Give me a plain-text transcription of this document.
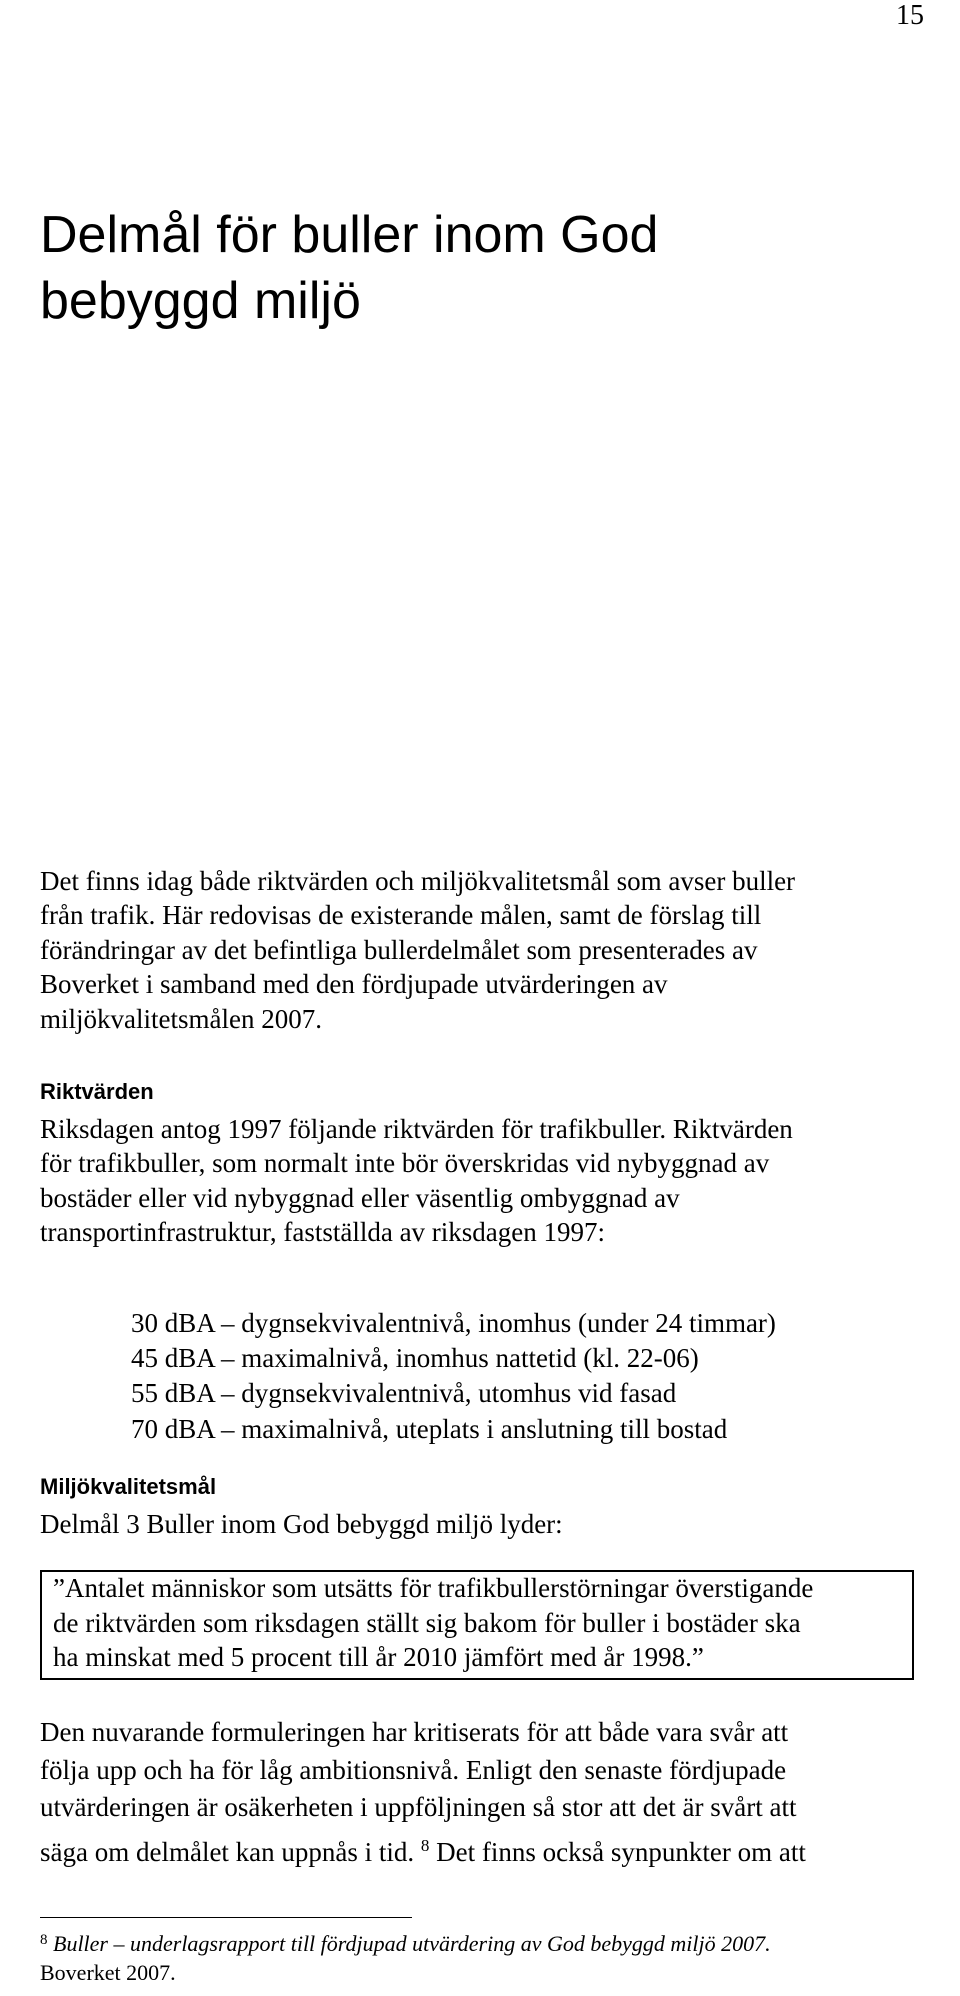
15
Delmål för buller inom God
bebyggd miljö
Det finns idag både riktvärden och miljökvalitetsmål som avser buller
från trafik. Här redovisas de existerande målen, samt de förslag till
förändringar av det befintliga bullerdelmålet som presenterades av
Boverket i samband med den fördjupade utvärderingen av
miljökvalitetsmålen 2007.
Riktvärden
Riksdagen antog 1997 följande riktvärden för trafikbuller. Riktvärden
för trafikbuller, som normalt inte bör överskridas vid nybyggnad av
bostäder eller vid nybyggnad eller väsentlig ombyggnad av
transportinfrastruktur, fastställda av riksdagen 1997:
30 dBA – dygnsekvivalentnivå, inomhus (under 24 timmar)
45 dBA – maximalnivå, inomhus nattetid (kl. 22-06)
55 dBA – dygnsekvivalentnivå, utomhus vid fasad
70 dBA – maximalnivå, uteplats i anslutning till bostad
Miljökvalitetsmål
Delmål 3 Buller inom God bebyggd miljö lyder:
”Antalet människor som utsätts för trafikbullerstörningar överstigande
de riktvärden som riksdagen ställt sig bakom för buller i bostäder ska
ha minskat med 5 procent till år 2010 jämfört med år 1998.”
Den nuvarande formuleringen har kritiserats för att både vara svår att
följa upp och ha för låg ambitionsnivå. Enligt den senaste fördjupade
utvärderingen är osäkerheten i uppföljningen så stor att det är svårt att
säga om delmålet kan uppnås i tid. $^8$ Det finns också synpunkter om att
$^8$ Buller – underlagsrapport till fördjupad utvärdering av God bebyggd miljö 2007.
Boverket 2007.
